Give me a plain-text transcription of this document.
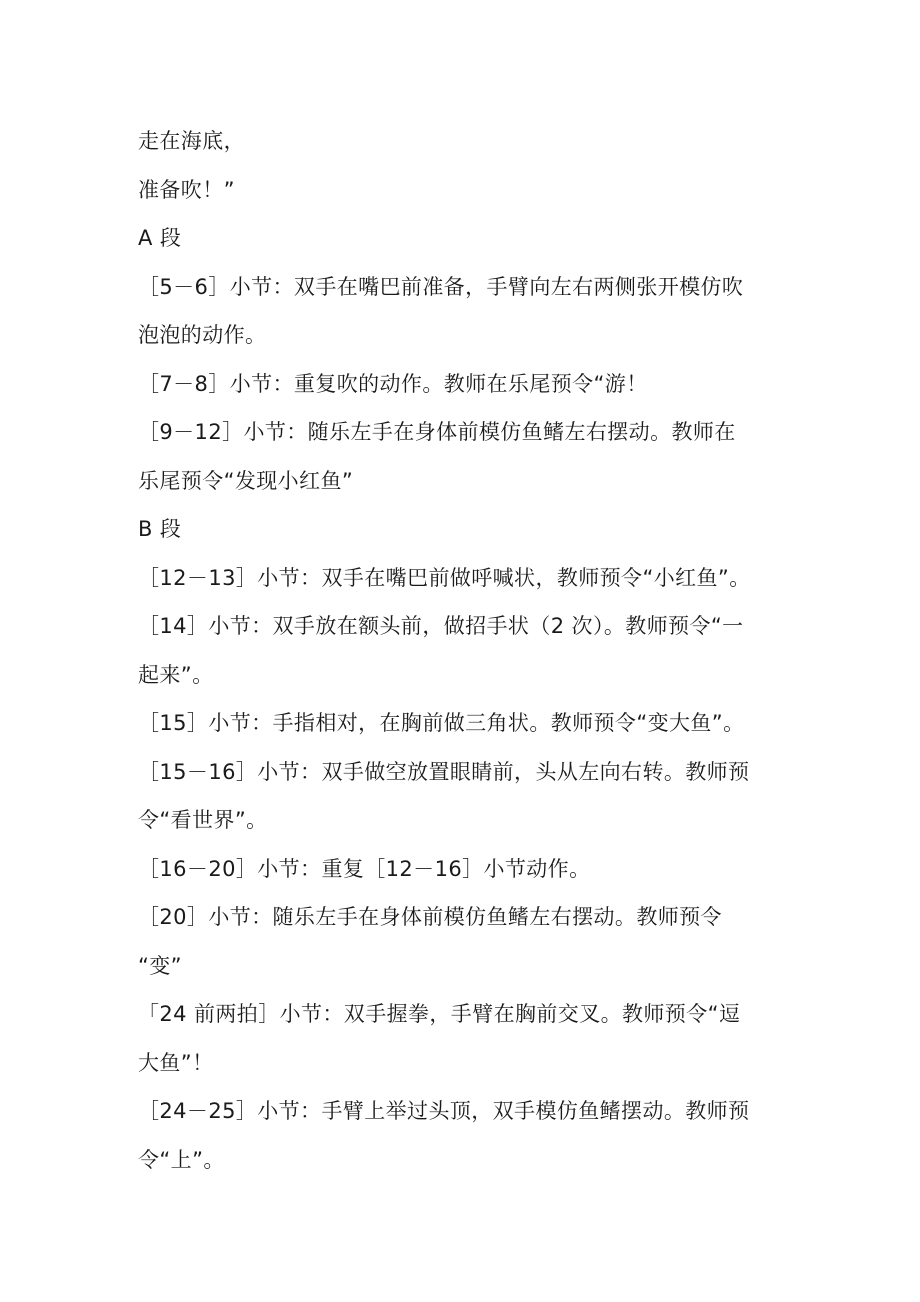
走在海底，
准备吹！”
A 段
［5－6］小节：双手在嘴巴前准备，手臂向左右两侧张开模仿吹
泡泡的动作。
［7－8］小节：重复吹的动作。教师在乐尾预令“游！
［9－12］小节：随乐左手在身体前模仿鱼鳍左右摆动。教师在
乐尾预令“发现小红鱼”
B 段
［12－13］小节：双手在嘴巴前做呼喊状，教师预令“小红鱼”。
［14］小节：双手放在额头前，做招手状（2 次）。教师预令“一
起来”。
［15］小节：手指相对，在胸前做三角状。教师预令“变大鱼”。
［15－16］小节：双手做空放置眼睛前，头从左向右转。教师预
令“看世界”。
［16－20］小节：重复［12－16］小节动作。
［20］小节：随乐左手在身体前模仿鱼鳍左右摆动。教师预令
“变”
「24 前两拍］小节：双手握拳，手臂在胸前交叉。教师预令“逗
大鱼”！
［24－25］小节：手臂上举过头顶，双手模仿鱼鳍摆动。教师预
令“上”。
